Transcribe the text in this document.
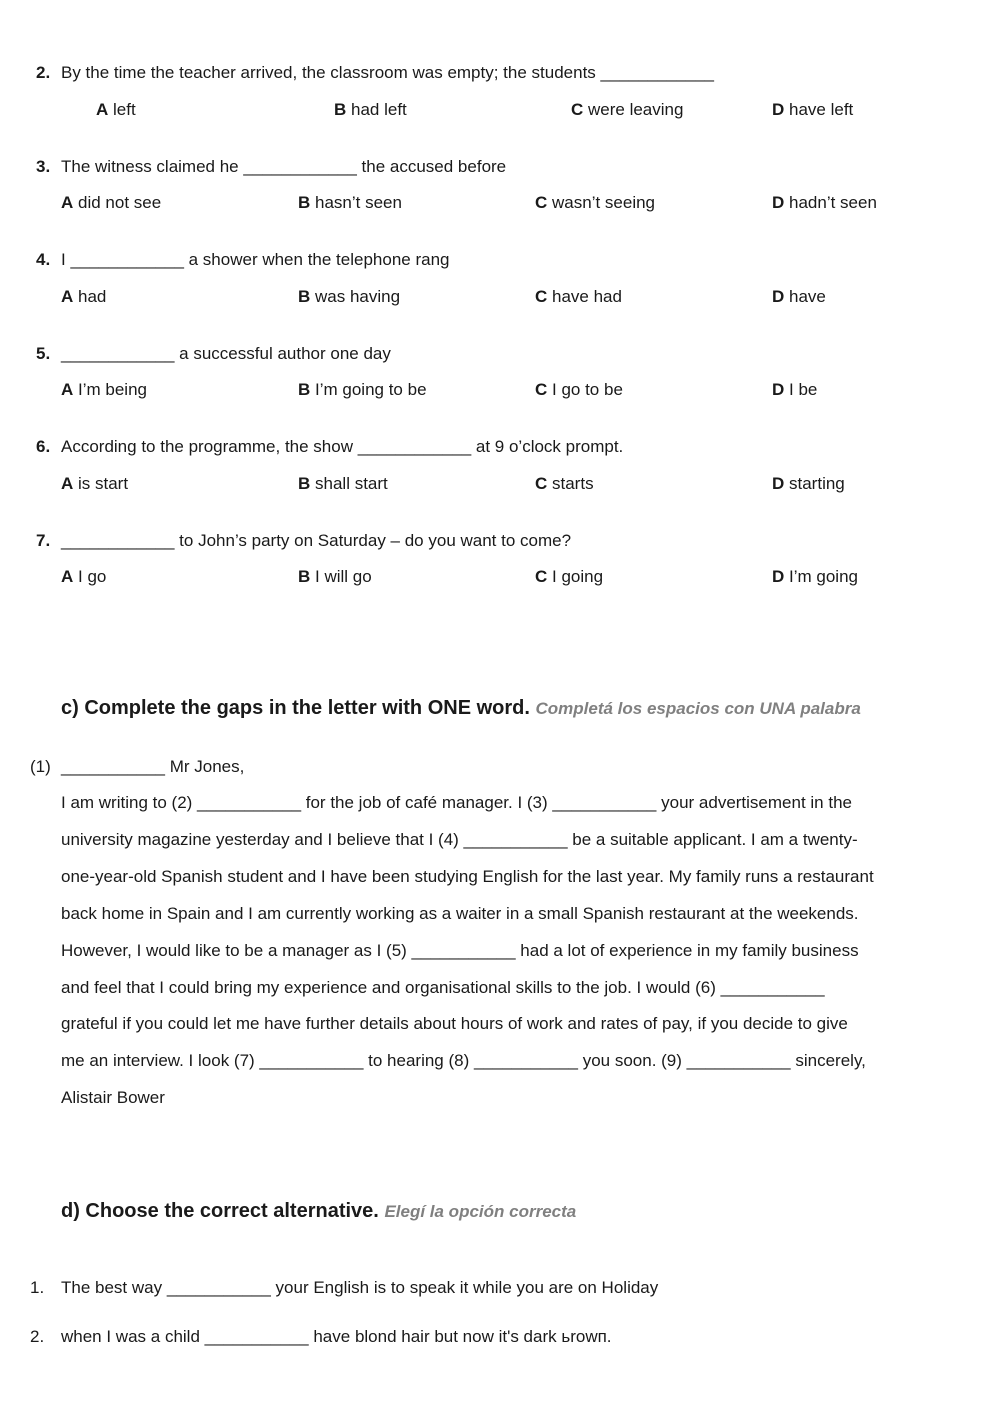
2. By the time the teacher arrived, the classroom was empty; the students ____________
A left	B had left	C were leaving	D have left
3. The witness claimed he ____________ the accused before
A did not see	B hasn’t seen	C wasn’t seeing	D hadn’t seen
4. I ____________ a shower when the telephone rang
A had	B was having	C have had	D have
5. ____________ a successful author one day
A I’m being	B I’m going to be	C I go to be	D I be
6. According to the programme, the show ____________ at 9 o’clock prompt.
A is start	B shall start	C starts	D starting
7. ____________ to John’s party on Saturday – do you want to come?
A I go	B I will go	C I going	D I’m going
c) Complete the gaps in the letter with ONE word. Completá los espacios con UNA palabra
(1) ___________ Mr Jones,
I am writing to (2) ___________ for the job of café manager. I (3) ___________ your advertisement in the
university magazine yesterday and I believe that I (4) ___________ be a suitable applicant. I am a twenty-
one-year-old Spanish student and I have been studying English for the last year. My family runs a restaurant
back home in Spain and I am currently working as a waiter in a small Spanish restaurant at the weekends.
However, I would like to be a manager as I (5) ___________ had a lot of experience in my family business
and feel that I could bring my experience and organisational skills to the job. I would (6) ___________
grateful if you could let me have further details about hours of work and rates of pay, if you decide to give
me an interview. I look (7) ___________ to hearing (8) ___________ you soon. (9) ___________ sincerely,
Alistair Bower
d) Choose the correct alternative. Elegí la opción correcta
1. The best way ___________ your English is to speak it while you are on Holiday
2. when I was a child ___________ have blond hair but now it's dark ьrowп.
